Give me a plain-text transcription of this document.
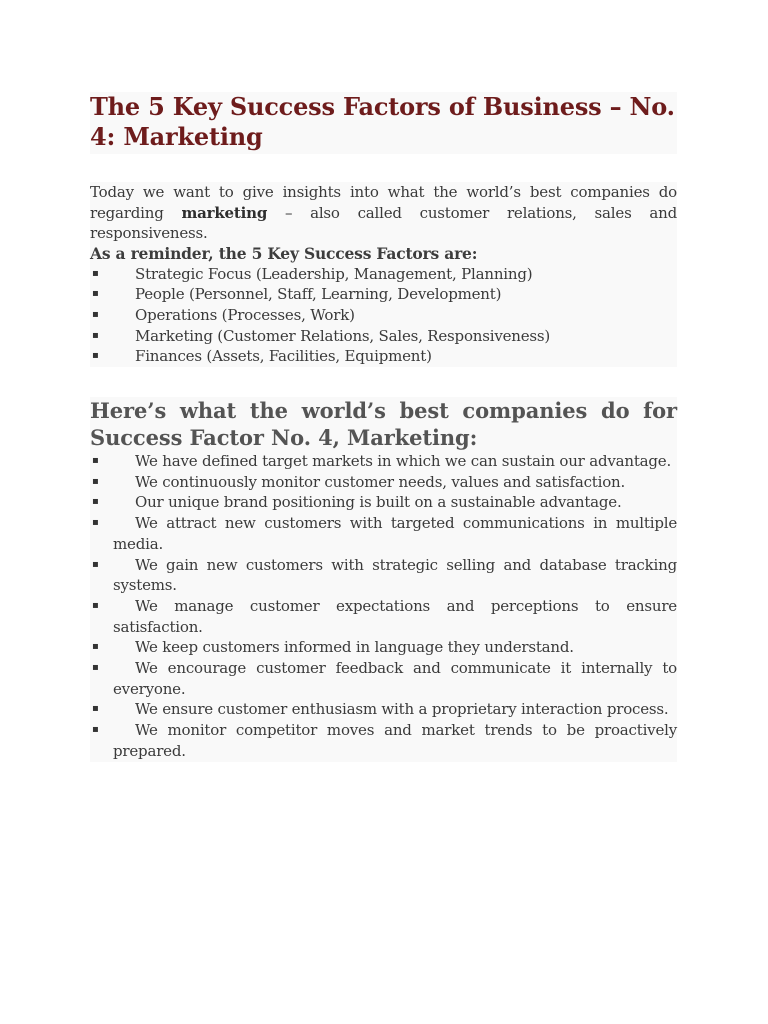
The 5 Key Success Factors of Business – No. 4: Marketing

Today we want to give insights into what the world’s best companies do regarding marketing – also called customer relations, sales and responsiveness.

As a reminder, the 5 Key Success Factors are:

▪ Strategic Focus (Leadership, Management, Planning)
▪ People (Personnel, Staff, Learning, Development)
▪ Operations (Processes, Work)
▪ Marketing (Customer Relations, Sales, Responsiveness)
▪ Finances (Assets, Facilities, Equipment)
Here’s what the world’s best companies do for Success Factor No. 4, Marketing:
▪	We have defined target markets in which we can sustain our advantage.
▪	We continuously monitor customer needs, values and satisfaction.
▪	Our unique brand positioning is built on a sustainable advantage.
▪	We attract new customers with targeted communications in multiple media.
▪	We gain new customers with strategic selling and database tracking systems.
▪	We manage customer expectations and perceptions to ensure satisfaction.
▪	We keep customers informed in language they understand.
▪	We encourage customer feedback and communicate it internally to everyone.
▪	We ensure customer enthusiasm with a proprietary interaction process.
▪	We monitor competitor moves and market trends to be proactively prepared.
